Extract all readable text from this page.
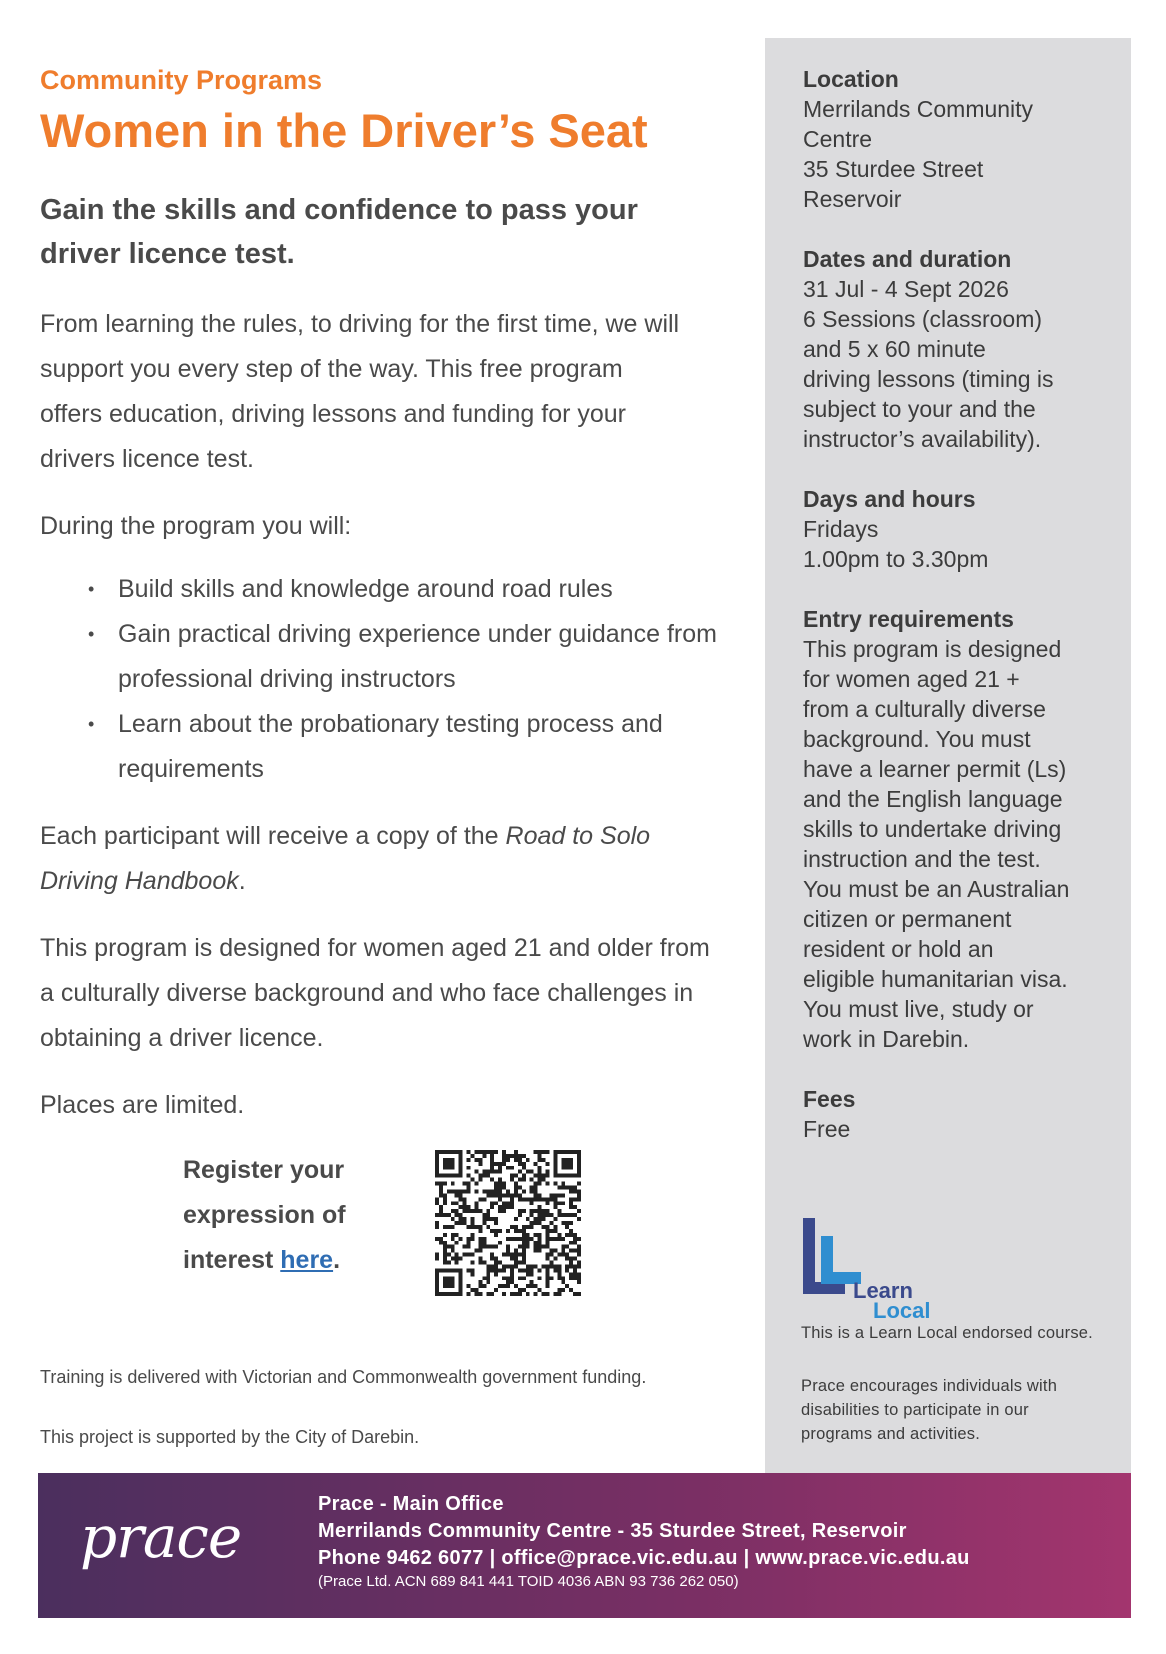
Community Programs

Women in the Driver’s Seat

Gain the skills and confidence to pass your driver licence test.

From learning the rules, to driving for the first time, we will support you every step of the way. This free program offers education, driving lessons and funding for your drivers licence test.

During the program you will:

• Build skills and knowledge around road rules
• Gain practical driving experience under guidance from professional driving instructors
• Learn about the probationary testing process and requirements

Each participant will receive a copy of the Road to Solo Driving Handbook.

This program is designed for women aged 21 and older from a culturally diverse background and who face challenges in obtaining a driver licence.

Places are limited.

Register your expression of interest here.

Training is delivered with Victorian and Commonwealth government funding.

This project is supported by the City of Darebin.

Location

Merrilands Community

Centre

35 Sturdee Street

Reservoir

Dates and duration

31 Jul - 4 Sept 2026

6 Sessions (classroom)

and 5 x 60 minute

driving lessons (timing is

subject to your and the

instructor’s availability).

Days and hours

Fridays

1.00pm to 3.30pm

Entry requirements

This program is designed

for women aged 21 +

from a culturally diverse

background. You must

have a learner permit (Ls)

and the English language

skills to undertake driving

instruction and the test.

You must be an Australian

citizen or permanent

resident or hold an

eligible humanitarian visa.

You must live, study or

work in Darebin.

Fees

Free

Learn
Local

This is a Learn Local endorsed course.

Prace encourages individuals with disabilities to participate in our programs and activities.

prace	Prace - Main Office

Merrilands Community Centre - 35 Sturdee Street, Reservoir

Phone 9462 6077 | office@prace.vic.edu.au | www.prace.vic.edu.au

(Prace Ltd. ACN 689 841 441 TOID 4036 ABN 93 736 262 050)
